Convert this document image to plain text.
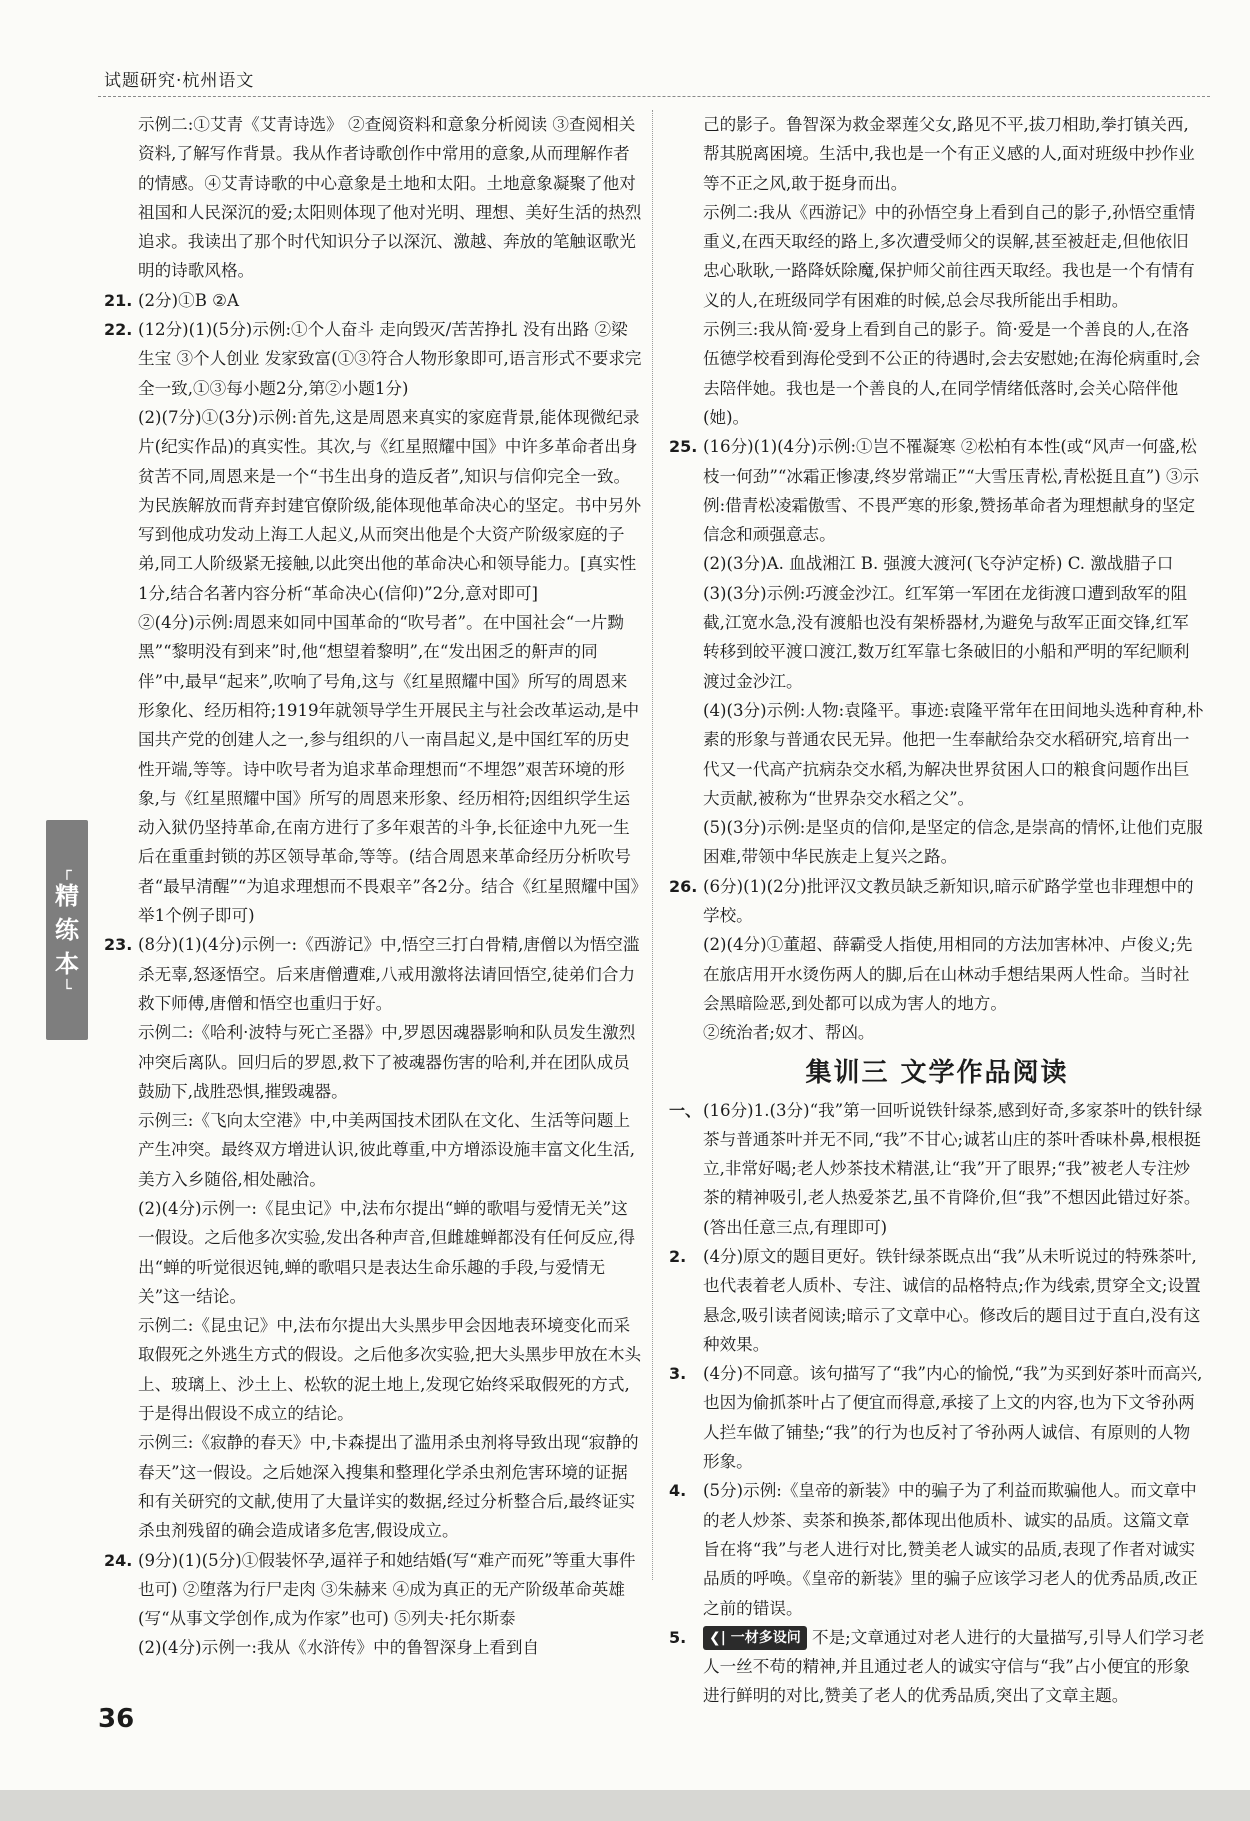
试题研究·杭州语文
┌
精
练
本
└

示例二:①艾青《艾青诗选》 ②查阅资料和意象分析阅读 ③查阅相关资料,了解写作背景。我从作者诗歌创作中常用的意象,从而理解作者的情感。④艾青诗歌的中心意象是土地和太阳。土地意象凝聚了他对祖国和人民深沉的爱;太阳则体现了他对光明、理想、美好生活的热烈追求。我读出了那个时代知识分子以深沉、激越、奔放的笔触讴歌光明的诗歌风格。

21. (2分)①B ②A

22. (12分)(1)(5分)示例:①个人奋斗 走向毁灭/苦苦挣扎 没有出路 ②梁生宝 ③个人创业 发家致富(①③符合人物形象即可,语言形式不要求完全一致,①③每小题2分,第②小题1分)

(2)(7分)①(3分)示例:首先,这是周恩来真实的家庭背景,能体现微纪录片(纪实作品)的真实性。其次,与《红星照耀中国》中许多革命者出身贫苦不同,周恩来是一个“书生出身的造反者”,知识与信仰完全一致。为民族解放而背弃封建官僚阶级,能体现他革命决心的坚定。书中另外写到他成功发动上海工人起义,从而突出他是个大资产阶级家庭的子弟,同工人阶级紧无接触,以此突出他的革命决心和领导能力。[真实性1分,结合名著内容分析“革命决心(信仰)”2分,意对即可]

②(4分)示例:周恩来如同中国革命的“吹号者”。在中国社会“一片黝黑”“黎明没有到来”时,他“想望着黎明”,在“发出困乏的鼾声的同伴”中,最早“起来”,吹响了号角,这与《红星照耀中国》所写的周恩来形象化、经历相符;1919年就领导学生开展民主与社会改革运动,是中国共产党的创建人之一,参与组织的八一南昌起义,是中国红军的历史性开端,等等。诗中吹号者为追求革命理想而“不埋怨”艰苦环境的形象,与《红星照耀中国》所写的周恩来形象、经历相符;因组织学生运动入狱仍坚持革命,在南方进行了多年艰苦的斗争,长征途中九死一生后在重重封锁的苏区领导革命,等等。(结合周恩来革命经历分析吹号者“最早清醒”“为追求理想而不畏艰辛”各2分。结合《红星照耀中国》举1个例子即可)

23. (8分)(1)(4分)示例一:《西游记》中,悟空三打白骨精,唐僧以为悟空滥杀无辜,怒逐悟空。后来唐僧遭难,八戒用激将法请回悟空,徒弟们合力救下师傅,唐僧和悟空也重归于好。

示例二:《哈利·波特与死亡圣器》中,罗恩因魂器影响和队员发生激烈冲突后离队。回归后的罗恩,救下了被魂器伤害的哈利,并在团队成员鼓励下,战胜恐惧,摧毁魂器。

示例三:《飞向太空港》中,中美两国技术团队在文化、生活等问题上产生冲突。最终双方增进认识,彼此尊重,中方增添设施丰富文化生活,美方入乡随俗,相处融洽。

(2)(4分)示例一:《昆虫记》中,法布尔提出“蝉的歌唱与爱情无关”这一假设。之后他多次实验,发出各种声音,但雌雄蝉都没有任何反应,得出“蝉的听觉很迟钝,蝉的歌唱只是表达生命乐趣的手段,与爱情无关”这一结论。

示例二:《昆虫记》中,法布尔提出大头黑步甲会因地表环境变化而采取假死之外逃生方式的假设。之后他多次实验,把大头黑步甲放在木头上、玻璃上、沙土上、松软的泥土地上,发现它始终采取假死的方式,于是得出假设不成立的结论。

示例三:《寂静的春天》中,卡森提出了滥用杀虫剂将导致出现“寂静的春天”这一假设。之后她深入搜集和整理化学杀虫剂危害环境的证据和有关研究的文献,使用了大量详实的数据,经过分析整合后,最终证实杀虫剂残留的确会造成诸多危害,假设成立。

24. (9分)(1)(5分)①假装怀孕,逼祥子和她结婚(写“难产而死”等重大事件也可) ②堕落为行尸走肉 ③朱赫来 ④成为真正的无产阶级革命英雄(写“从事文学创作,成为作家”也可) ⑤列夫·托尔斯泰

(2)(4分)示例一:我从《水浒传》中的鲁智深身上看到自

己的影子。鲁智深为救金翠莲父女,路见不平,拔刀相助,拳打镇关西,帮其脱离困境。生活中,我也是一个有正义感的人,面对班级中抄作业等不正之风,敢于挺身而出。

示例二:我从《西游记》中的孙悟空身上看到自己的影子,孙悟空重情重义,在西天取经的路上,多次遭受师父的误解,甚至被赶走,但他依旧忠心耿耿,一路降妖除魔,保护师父前往西天取经。我也是一个有情有义的人,在班级同学有困难的时候,总会尽我所能出手相助。

示例三:我从简·爱身上看到自己的影子。简·爱是一个善良的人,在洛伍德学校看到海伦受到不公正的待遇时,会去安慰她;在海伦病重时,会去陪伴她。我也是一个善良的人,在同学情绪低落时,会关心陪伴他(她)。

25. (16分)(1)(4分)示例:①岂不罹凝寒 ②松柏有本性(或“风声一何盛,松枝一何劲”“冰霜正惨凄,终岁常端正”“大雪压青松,青松挺且直”) ③示例:借青松凌霜傲雪、不畏严寒的形象,赞扬革命者为理想献身的坚定信念和顽强意志。

(2)(3分)A. 血战湘江 B. 强渡大渡河(飞夺泸定桥) C. 激战腊子口

(3)(3分)示例:巧渡金沙江。红军第一军团在龙街渡口遭到敌军的阻截,江宽水急,没有渡船也没有架桥器材,为避免与敌军正面交锋,红军转移到皎平渡口渡江,数万红军靠七条破旧的小船和严明的军纪顺利渡过金沙江。

(4)(3分)示例:人物:袁隆平。事迹:袁隆平常年在田间地头选种育种,朴素的形象与普通农民无异。他把一生奉献给杂交水稻研究,培育出一代又一代高产抗病杂交水稻,为解决世界贫困人口的粮食问题作出巨大贡献,被称为“世界杂交水稻之父”。

(5)(3分)示例:是坚贞的信仰,是坚定的信念,是崇高的情怀,让他们克服困难,带领中华民族走上复兴之路。

26. (6分)(1)(2分)批评汉文教员缺乏新知识,暗示矿路学堂也非理想中的学校。

(2)(4分)①董超、薛霸受人指使,用相同的方法加害林冲、卢俊义;先在旅店用开水烫伤两人的脚,后在山林动手想结果两人性命。当时社会黑暗险恶,到处都可以成为害人的地方。

②统治者;奴才、帮凶。

集训三 文学作品阅读
一、 (16分)1.(3分)“我”第一回听说铁针绿茶,感到好奇,多家茶叶的铁针绿茶与普通茶叶并无不同,“我”不甘心;诚茗山庄的茶叶香味朴鼻,根根挺立,非常好喝;老人炒茶技术精湛,让“我”开了眼界;“我”被老人专注炒茶的精神吸引,老人热爱茶艺,虽不肯降价,但“我”不想因此错过好茶。(答出任意三点,有理即可)

2. (4分)原文的题目更好。铁针绿茶既点出“我”从未听说过的特殊茶叶,也代表着老人质朴、专注、诚信的品格特点;作为线索,贯穿全文;设置悬念,吸引读者阅读;暗示了文章中心。修改后的题目过于直白,没有这种效果。

3. (4分)不同意。该句描写了“我”内心的愉悦,“我”为买到好茶叶而高兴,也因为偷抓茶叶占了便宜而得意,承接了上文的内容,也为下文爷孙两人拦车做了铺垫;“我”的行为也反衬了爷孙两人诚信、有原则的人物形象。

4. (5分)示例:《皇帝的新装》中的骗子为了利益而欺骗他人。而文章中的老人炒茶、卖茶和换茶,都体现出他质朴、诚实的品质。这篇文章旨在将“我”与老人进行对比,赞美老人诚实的品质,表现了作者对诚实品质的呼唤。《皇帝的新装》里的骗子应该学习老人的优秀品质,改正之前的错误。

5.	❮| 一材多设问 不是;文章通过对老人进行的大量描写,引导人们学习老人一丝不苟的精神,并且通过老人的诚实守信与“我”占小便宜的形象进行鲜明的对比,赞美了老人的优秀品质,突出了文章主题。

36
